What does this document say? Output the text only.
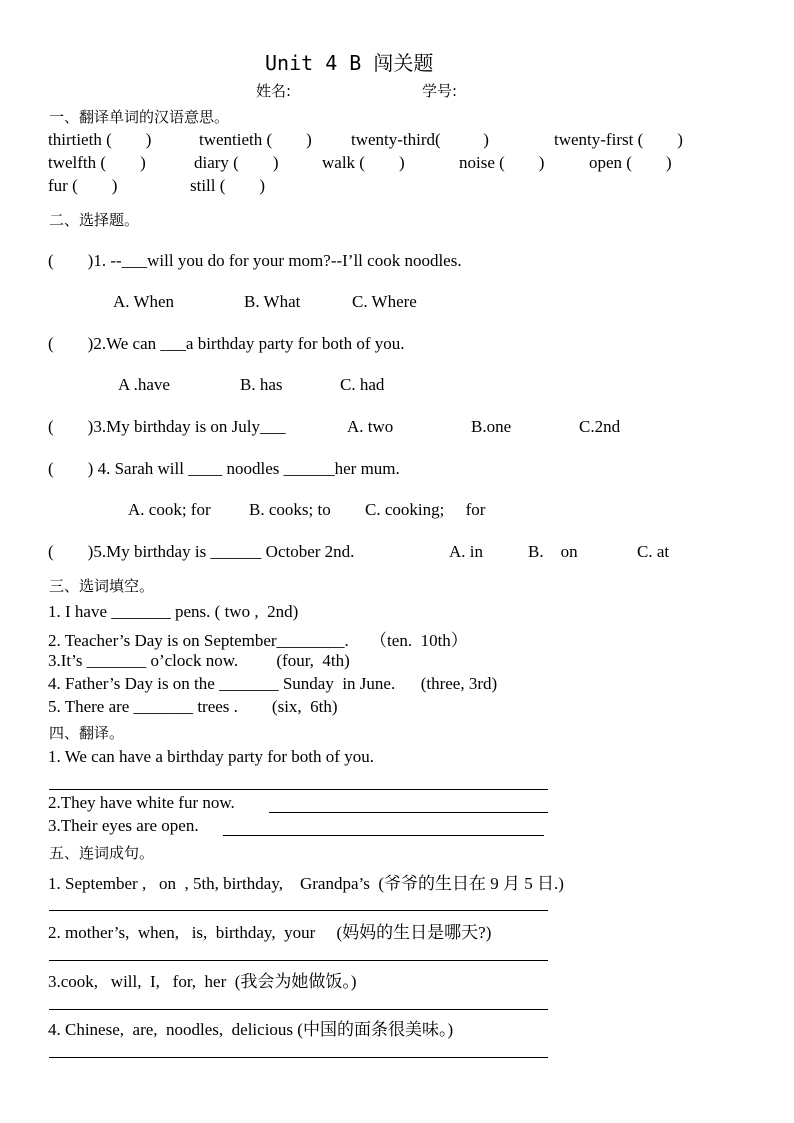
Unit 4 B 闯关题
姓名:	学号:
一、翻译单词的汉语意思。
thirtieth (        )	twentieth (        ) twenty-third(          )	twenty-first (        )
twelfth (        )	diary (        )	walk (        )	noise (        )	open (        )
fur (        )	still (        )
二、选择题。
(        )1. --___will you do for your mom?--I’ll cook noodles.
A. When	B. What	C. Where
(        )2.We can ___a birthday party for both of you.
A .have	B. has	C. had
(        )3.My birthday is on July___	A. two	B.one	C.2nd
(        ) 4. Sarah will ____ noodles ______her mum.
A. cook; for B. cooks; to C. cooking;     for
(        )5.My birthday is ______ October 2nd.	A. in	B.    on	C. at
三、选词填空。
1. I have _______ pens. ( two ,  2nd)
2. Teacher’s Day is on September________.     （ten.  10th）
3.It’s _______ o’clock now.         (four,  4th)
4. Father’s Day is on the _______ Sunday  in June.      (three, 3rd)
5. There are _______ trees .        (six,  6th)
四、翻译。
1. We can have a birthday party for both of you.
2.They have white fur now.
3.Their eyes are open.
五、连词成句。
1. September ,   on  , 5th, birthday,    Grandpa’s  (爷爷的生日在 9 月 5 日.)
2. mother’s,  when,   is,  birthday,  your     (妈妈的生日是哪天?)
3.cook,   will,  I,   for,  her  (我会为她做饭。)
4. Chinese,  are,  noodles,  delicious (中国的面条很美味。)
